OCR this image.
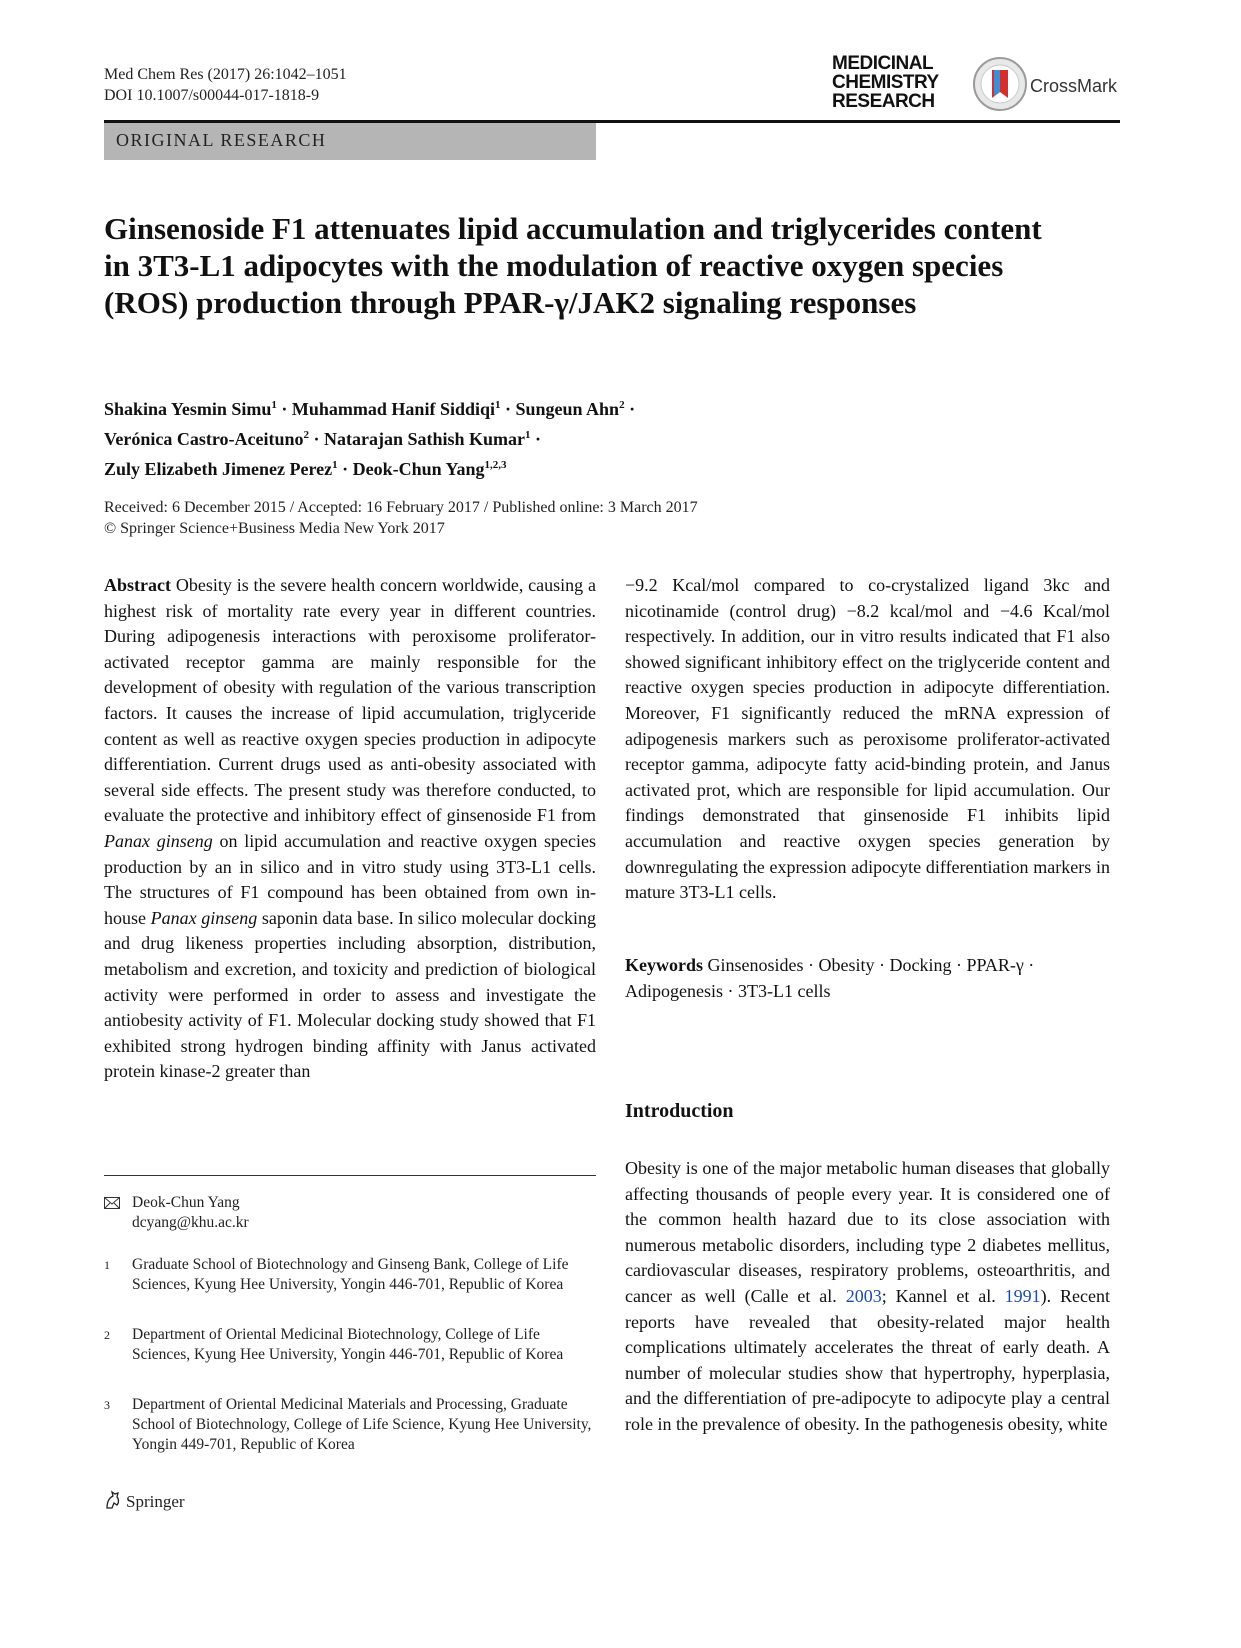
Med Chem Res (2017) 26:1042–1051
DOI 10.1007/s00044-017-1818-9
MEDICINAL
CHEMISTRY
RESEARCH
CrossMark
ORIGINAL RESEARCH
Ginsenoside F1 attenuates lipid accumulation and triglycerides content in 3T3-L1 adipocytes with the modulation of reactive oxygen species (ROS) production through PPAR-γ/JAK2 signaling responses
Shakina Yesmin Simu$^1$ · Muhammad Hanif Siddiqi$^1$ · Sungeun Ahn$^2$ ·
Verónica Castro-Aceituno$^2$ · Natarajan Sathish Kumar$^1$ ·
Zuly Elizabeth Jimenez Perez$^1$ · Deok-Chun Yang$^{1,2,3}$
Received: 6 December 2015 / Accepted: 16 February 2017 / Published online: 3 March 2017
© Springer Science+Business Media New York 2017
Abstract Obesity is the severe health concern worldwide, causing a highest risk of mortality rate every year in different countries. During adipogenesis interactions with peroxisome proliferator-activated receptor gamma are mainly responsible for the development of obesity with regulation of the various transcription factors. It causes the increase of lipid accumulation, triglyceride content as well as reactive oxygen species production in adipocyte differentiation. Current drugs used as anti-obesity associated with several side effects. The present study was therefore conducted, to evaluate the protective and inhibitory effect of ginsenoside F1 from Panax ginseng on lipid accumulation and reactive oxygen species production by an in silico and in vitro study using 3T3-L1 cells. The structures of F1 compound has been obtained from own in-house Panax ginseng saponin data base. In silico molecular docking and drug likeness properties including absorption, distribution, metabolism and excretion, and toxicity and prediction of biological activity were performed in order to assess and investigate the antiobesity activity of F1. Molecular docking study showed that F1 exhibited strong hydrogen binding affinity with Janus activated protein kinase-2 greater than
−9.2 Kcal/mol compared to co-crystalized ligand 3kc and nicotinamide (control drug) −8.2 kcal/mol and −4.6 Kcal/mol respectively. In addition, our in vitro results indicated that F1 also showed significant inhibitory effect on the triglyceride content and reactive oxygen species production in adipocyte differentiation. Moreover, F1 significantly reduced the mRNA expression of adipogenesis markers such as peroxisome proliferator-activated receptor gamma, adipocyte fatty acid-binding protein, and Janus activated prot, which are responsible for lipid accumulation. Our findings demonstrated that ginsenoside F1 inhibits lipid accumulation and reactive oxygen species generation by downregulating the expression adipocyte differentiation markers in mature 3T3-L1 cells.
Keywords Ginsenosides · Obesity · Docking · PPAR-γ · Adipogenesis · 3T3-L1 cells
Introduction
Obesity is one of the major metabolic human diseases that globally affecting thousands of people every year. It is considered one of the common health hazard due to its close association with numerous metabolic disorders, including type 2 diabetes mellitus, cardiovascular diseases, respiratory problems, osteoarthritis, and cancer as well (Calle et al. 2003; Kannel et al. 1991). Recent reports have revealed that obesity-related major health complications ultimately accelerates the threat of early death. A number of molecular studies show that hypertrophy, hyperplasia, and the differentiation of pre-adipocyte to adipocyte play a central role in the prevalence of obesity. In the pathogenesis obesity, white
Deok-Chun Yang
dcyang@khu.ac.kr
1 Graduate School of Biotechnology and Ginseng Bank, College of Life Sciences, Kyung Hee University, Yongin 446-701, Republic of Korea
2 Department of Oriental Medicinal Biotechnology, College of Life Sciences, Kyung Hee University, Yongin 446-701, Republic of Korea
3 Department of Oriental Medicinal Materials and Processing, Graduate School of Biotechnology, College of Life Science, Kyung Hee University, Yongin 449-701, Republic of Korea
Springer
